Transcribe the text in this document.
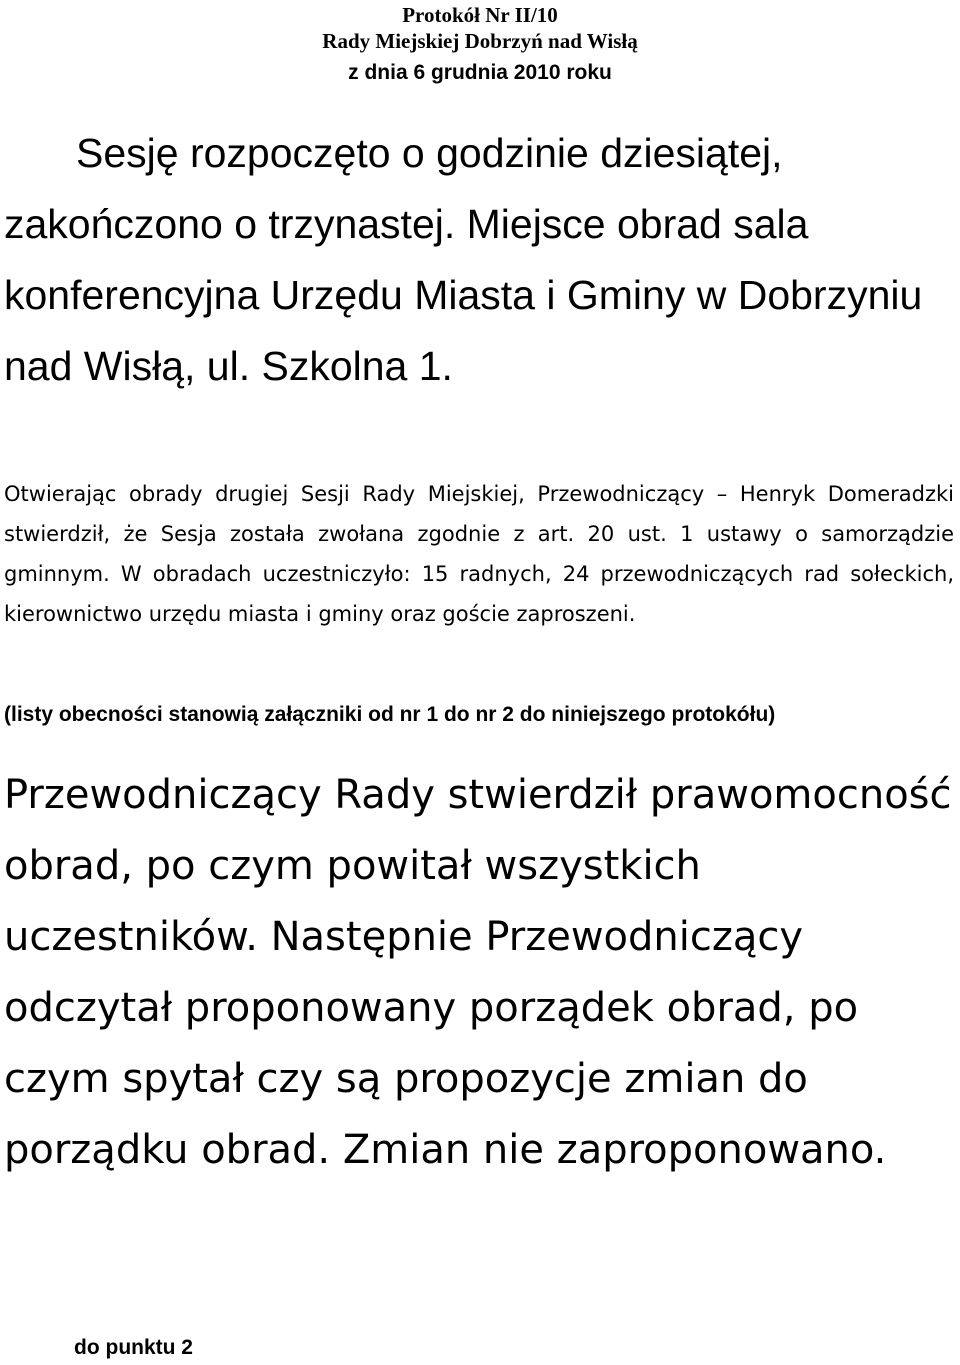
Protokół Nr II/10
Rady Miejskiej Dobrzyń nad Wisłą
z dnia 6 grudnia 2010 roku

Sesję rozpoczęto o godzinie dziesiątej, zakończono o trzynastej. Miejsce obrad sala konferencyjna Urzędu Miasta i Gminy w Dobrzyniu nad Wisłą, ul. Szkolna 1.

Otwierając obrady drugiej Sesji Rady Miejskiej, Przewodniczący – Henryk Domeradzki stwierdził, że Sesja została zwołana zgodnie z art. 20 ust. 1 ustawy o samorządzie gminnym. W obradach uczestniczyło: 15 radnych, 24 przewodniczących rad sołeckich, kierownictwo urzędu miasta i gminy oraz goście zaproszeni.

(listy obecności stanowią załączniki od nr 1 do nr 2 do niniejszego protokółu)

Przewodniczący Rady stwierdził prawomocność obrad, po czym powitał wszystkich uczestników. Następnie Przewodniczący odczytał proponowany porządek obrad, po czym spytał czy są propozycje zmian do porządku obrad. Zmian nie zaproponowano.

do punktu 2
